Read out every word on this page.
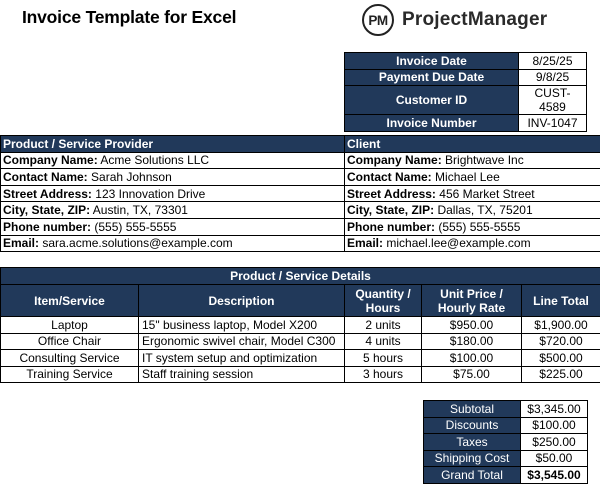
Invoice Template for Excel	PM ProjectManager
Invoice Date	8/25/25
Payment Due Date	9/8/25
Customer ID	CUST-4589
Invoice Number	INV-1047
Product / Service Provider	Client
Company Name: Acme Solutions LLC	Company Name: Brightwave Inc
Contact Name: Sarah Johnson	Contact Name: Michael Lee
Street Address: 123 Innovation Drive	Street Address: 456 Market Street
City, State, ZIP: Austin, TX, 73301	City, State, ZIP: Dallas, TX, 75201
Phone number: (555) 555-5555	Phone number: (555) 555-5555
Email: sara.acme.solutions@example.com	Email: michael.lee@example.com
Product / Service Details				
Item/Service	Description	Quantity / Hours	Unit Price / Hourly Rate	Line Total
Laptop	15" business laptop, Model X200	2 units	$950.00	$1,900.00
Office Chair	Ergonomic swivel chair, Model C300	4 units	$180.00	$720.00
Consulting Service	IT system setup and optimization	5 hours	$100.00	$500.00
Training Service	Staff training session	3 hours	$75.00	$225.00
Subtotal	$3,345.00
Discounts	$100.00
Taxes	$250.00
Shipping Cost	$50.00
Grand Total	$3,545.00
